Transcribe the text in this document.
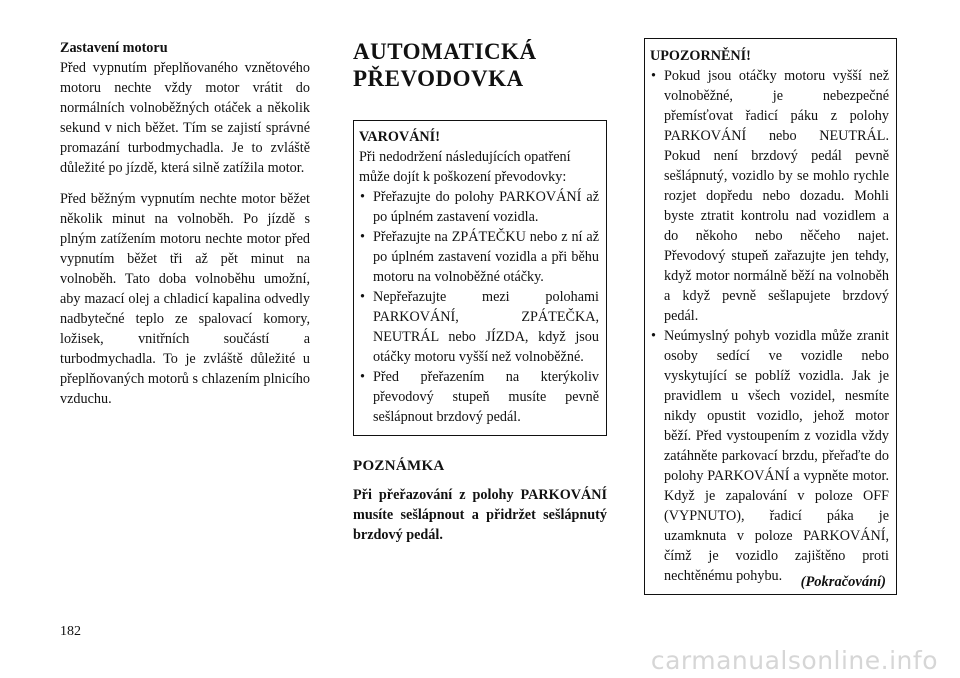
Zastavení motoru

Před vypnutím přeplňovaného vznětového motoru nechte vždy motor vrátit do normálních volnoběžných otáček a několik sekund v nich běžet. Tím se zajistí správné promazání turbodmychadla. Je to zvláště důležité po jízdě, která silně zatížila motor.

Před běžným vypnutím nechte motor běžet několik minut na volnoběh. Po jízdě s plným zatížením motoru nechte motor před vypnutím běžet tři až pět minut na volnoběh. Tato doba volnoběhu umožní, aby mazací olej a chladicí kapalina odvedly nadbytečné teplo ze spalovací komory, ložisek, vnitřních součástí a turbodmychadla. To je zvláště důležité u přeplňovaných motorů s chlazením plnicího vzduchu.

AUTOMATICKÁ
PŘEVODOVKA
VAROVÁNÍ!

Při nedodržení následujících opatření může dojít k poškození převodovky:

• Přeřazujte do polohy PARKOVÁNÍ až po úplném zastavení vozidla.
• Přeřazujte na ZPÁTEČKU nebo z ní až po úplném zastavení vozidla a při běhu motoru na volnoběžné otáčky.
• Nepřeřazujte mezi polohami PARKOVÁNÍ, ZPÁTEČKA, NEUTRÁL nebo JÍZDA, když jsou otáčky motoru vyšší než volnoběžné.
• Před přeřazením na kterýkoliv převodový stupeň musíte pevně sešlápnout brzdový pedál.
POZNÁMKA
Při přeřazování z polohy PARKOVÁNÍ musíte sešlápnout a přidržet sešlápnutý brzdový pedál.
UPOZORNĚNÍ!
• Pokud jsou otáčky motoru vyšší než volnoběžné, je nebezpečné přemísťovat řadicí páku z polohy PARKOVÁNÍ nebo NEUTRÁL. Pokud není brzdový pedál pevně sešlápnutý, vozidlo by se mohlo rychle rozjet dopředu nebo dozadu. Mohli byste ztratit kontrolu nad vozidlem a do někoho nebo něčeho najet. Převodový stupeň zařazujte jen tehdy, když motor normálně běží na volnoběh a když pevně sešlapujete brzdový pedál.
• Neúmyslný pohyb vozidla může zranit osoby sedící ve vozidle nebo vyskytující se poblíž vozidla. Jak je pravidlem u všech vozidel, nesmíte nikdy opustit vozidlo, jehož motor běží. Před vystoupením z vozidla vždy zatáhněte parkovací brzdu, přeřaďte do polohy PARKOVÁNÍ a vypněte motor. Když je zapalování v poloze OFF (VYPNUTO), řadicí páka je uzamknuta v poloze PARKOVÁNÍ, čímž je vozidlo zajištěno proti nechtěnému pohybu.	(Pokračování)
182
carmanualsonline.info
